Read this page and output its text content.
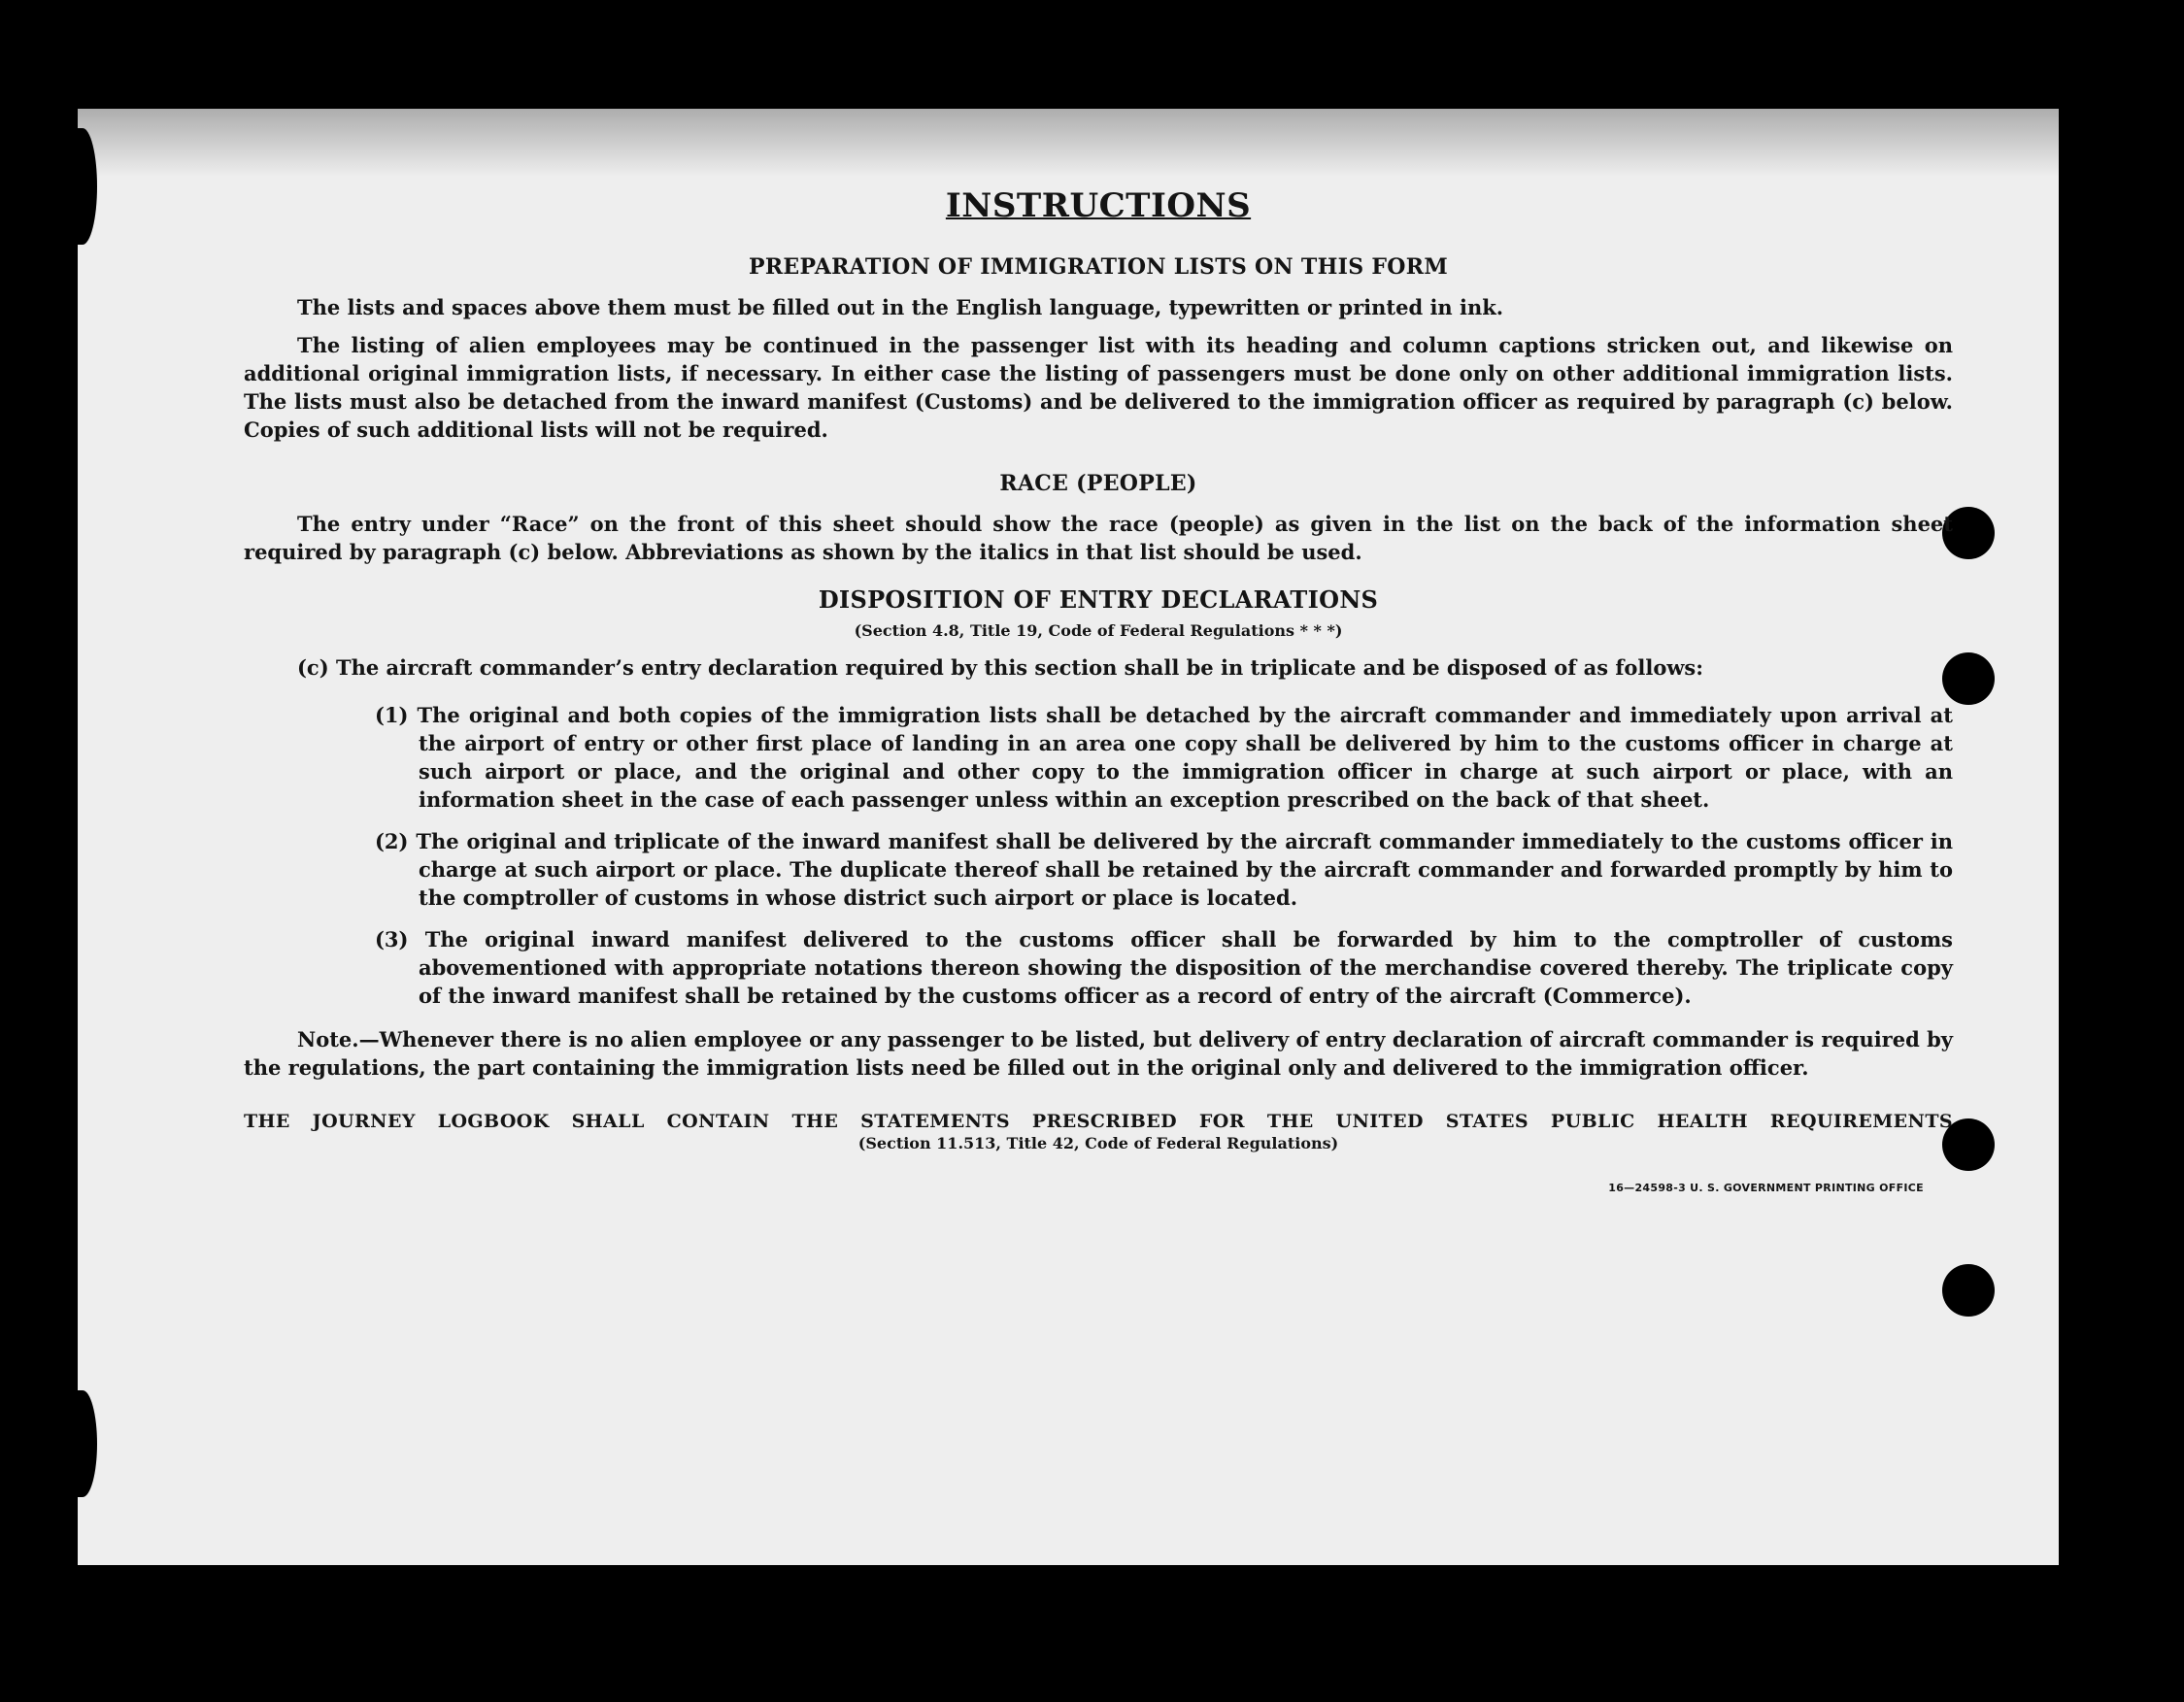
INSTRUCTIONS
PREPARATION OF IMMIGRATION LISTS ON THIS FORM

The lists and spaces above them must be filled out in the English language, typewritten or printed in ink.

The listing of alien employees may be continued in the passenger list with its heading and column captions stricken out, and likewise on additional original immigration lists, if necessary. In either case the listing of passengers must be done only on other additional immigration lists. The lists must also be detached from the inward manifest (Customs) and be delivered to the immigration officer as required by paragraph (c) below. Copies of such additional lists will not be required.

RACE (PEOPLE)

The entry under “Race” on the front of this sheet should show the race (people) as given in the list on the back of the information sheet required by paragraph (c) below. Abbreviations as shown by the italics in that list should be used.

DISPOSITION OF ENTRY DECLARATIONS
(Section 4.8, Title 19, Code of Federal Regulations * * *)
(c) The aircraft commander’s entry declaration required by this section shall be in triplicate and be disposed of as follows:
(1) The original and both copies of the immigration lists shall be detached by the aircraft commander and immediately upon arrival at the airport of entry or other first place of landing in an area one copy shall be delivered by him to the customs officer in charge at such airport or place, and the original and other copy to the immigration officer in charge at such airport or place, with an information sheet in the case of each passenger unless within an exception prescribed on the back of that sheet.
(2) The original and triplicate of the inward manifest shall be delivered by the aircraft commander immediately to the customs officer in charge at such airport or place. The duplicate thereof shall be retained by the aircraft commander and forwarded promptly by him to the comptroller of customs in whose district such airport or place is located.
(3) The original inward manifest delivered to the customs officer shall be forwarded by him to the comptroller of customs abovementioned with appropriate notations thereon showing the disposition of the merchandise covered thereby. The triplicate copy of the inward manifest shall be retained by the customs officer as a record of entry of the aircraft (Commerce).
Note.—Whenever there is no alien employee or any passenger to be listed, but delivery of entry declaration of aircraft commander is required by the regulations, the part containing the immigration lists need be filled out in the original only and delivered to the immigration officer.
THE JOURNEY LOGBOOK SHALL CONTAIN THE STATEMENTS PRESCRIBED FOR THE UNITED STATES PUBLIC HEALTH REQUIREMENTS
(Section 11.513, Title 42, Code of Federal Regulations)
16—24598-3 U. S. GOVERNMENT PRINTING OFFICE
